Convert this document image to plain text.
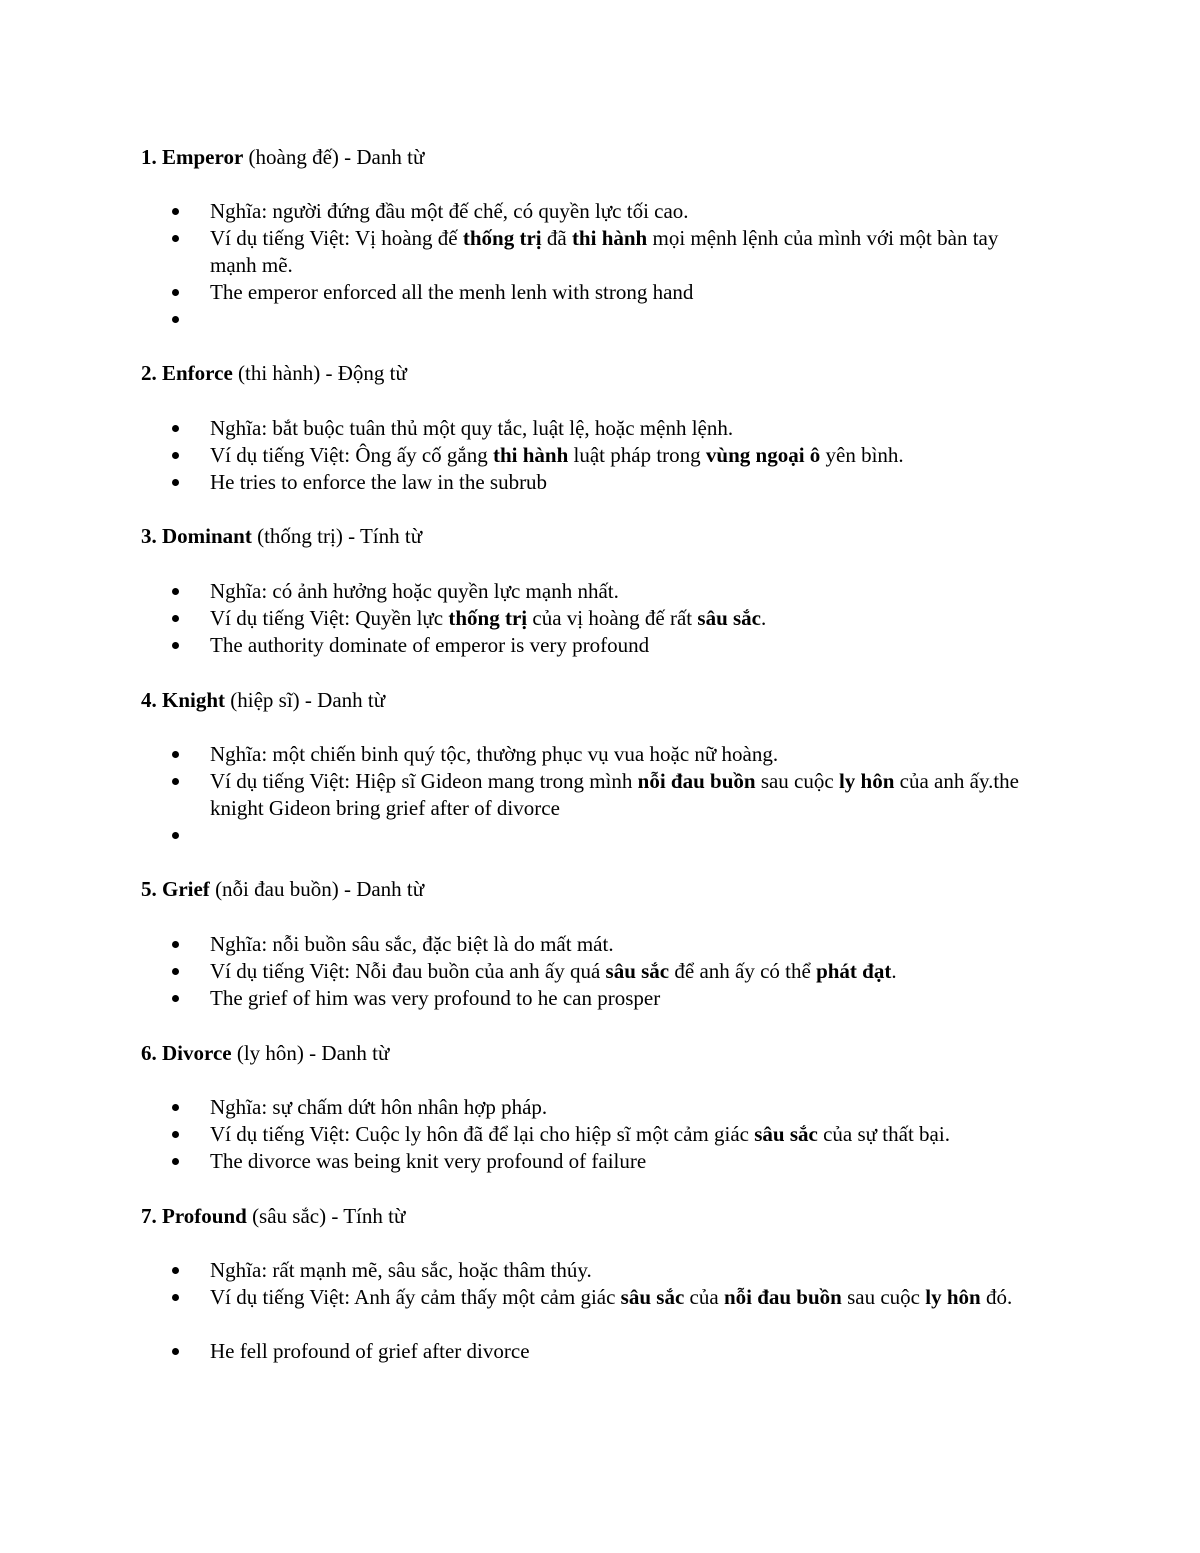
1. Emperor (hoàng đế) - Danh từ
Nghĩa: người đứng đầu một đế chế, có quyền lực tối cao.
Ví dụ tiếng Việt: Vị hoàng đế thống trị đã thi hành mọi mệnh lệnh của mình với một bàn tay mạnh mẽ.
The emperor enforced all the menh lenh with strong hand
2. Enforce (thi hành) - Động từ
Nghĩa: bắt buộc tuân thủ một quy tắc, luật lệ, hoặc mệnh lệnh.
Ví dụ tiếng Việt: Ông ấy cố gắng thi hành luật pháp trong vùng ngoại ô yên bình.
He tries to enforce the law in the subrub
3. Dominant (thống trị) - Tính từ
Nghĩa: có ảnh hưởng hoặc quyền lực mạnh nhất.
Ví dụ tiếng Việt: Quyền lực thống trị của vị hoàng đế rất sâu sắc.
The authority dominate of emperor is very profound
4. Knight (hiệp sĩ) - Danh từ
Nghĩa: một chiến binh quý tộc, thường phục vụ vua hoặc nữ hoàng.
Ví dụ tiếng Việt: Hiệp sĩ Gideon mang trong mình nỗi đau buồn sau cuộc ly hôn của anh ấy.the knight Gideon bring grief after of divorce
5. Grief (nỗi đau buồn) - Danh từ
Nghĩa: nỗi buồn sâu sắc, đặc biệt là do mất mát.
Ví dụ tiếng Việt: Nỗi đau buồn của anh ấy quá sâu sắc để anh ấy có thể phát đạt.
The grief of him was very profound to he can prosper
6. Divorce (ly hôn) - Danh từ
Nghĩa: sự chấm dứt hôn nhân hợp pháp.
Ví dụ tiếng Việt: Cuộc ly hôn đã để lại cho hiệp sĩ một cảm giác sâu sắc của sự thất bại.
The divorce was being knit very profound of failure
7. Profound (sâu sắc) - Tính từ
Nghĩa: rất mạnh mẽ, sâu sắc, hoặc thâm thúy.
Ví dụ tiếng Việt: Anh ấy cảm thấy một cảm giác sâu sắc của nỗi đau buồn sau cuộc ly hôn đó.
He fell profound of grief after divorce
